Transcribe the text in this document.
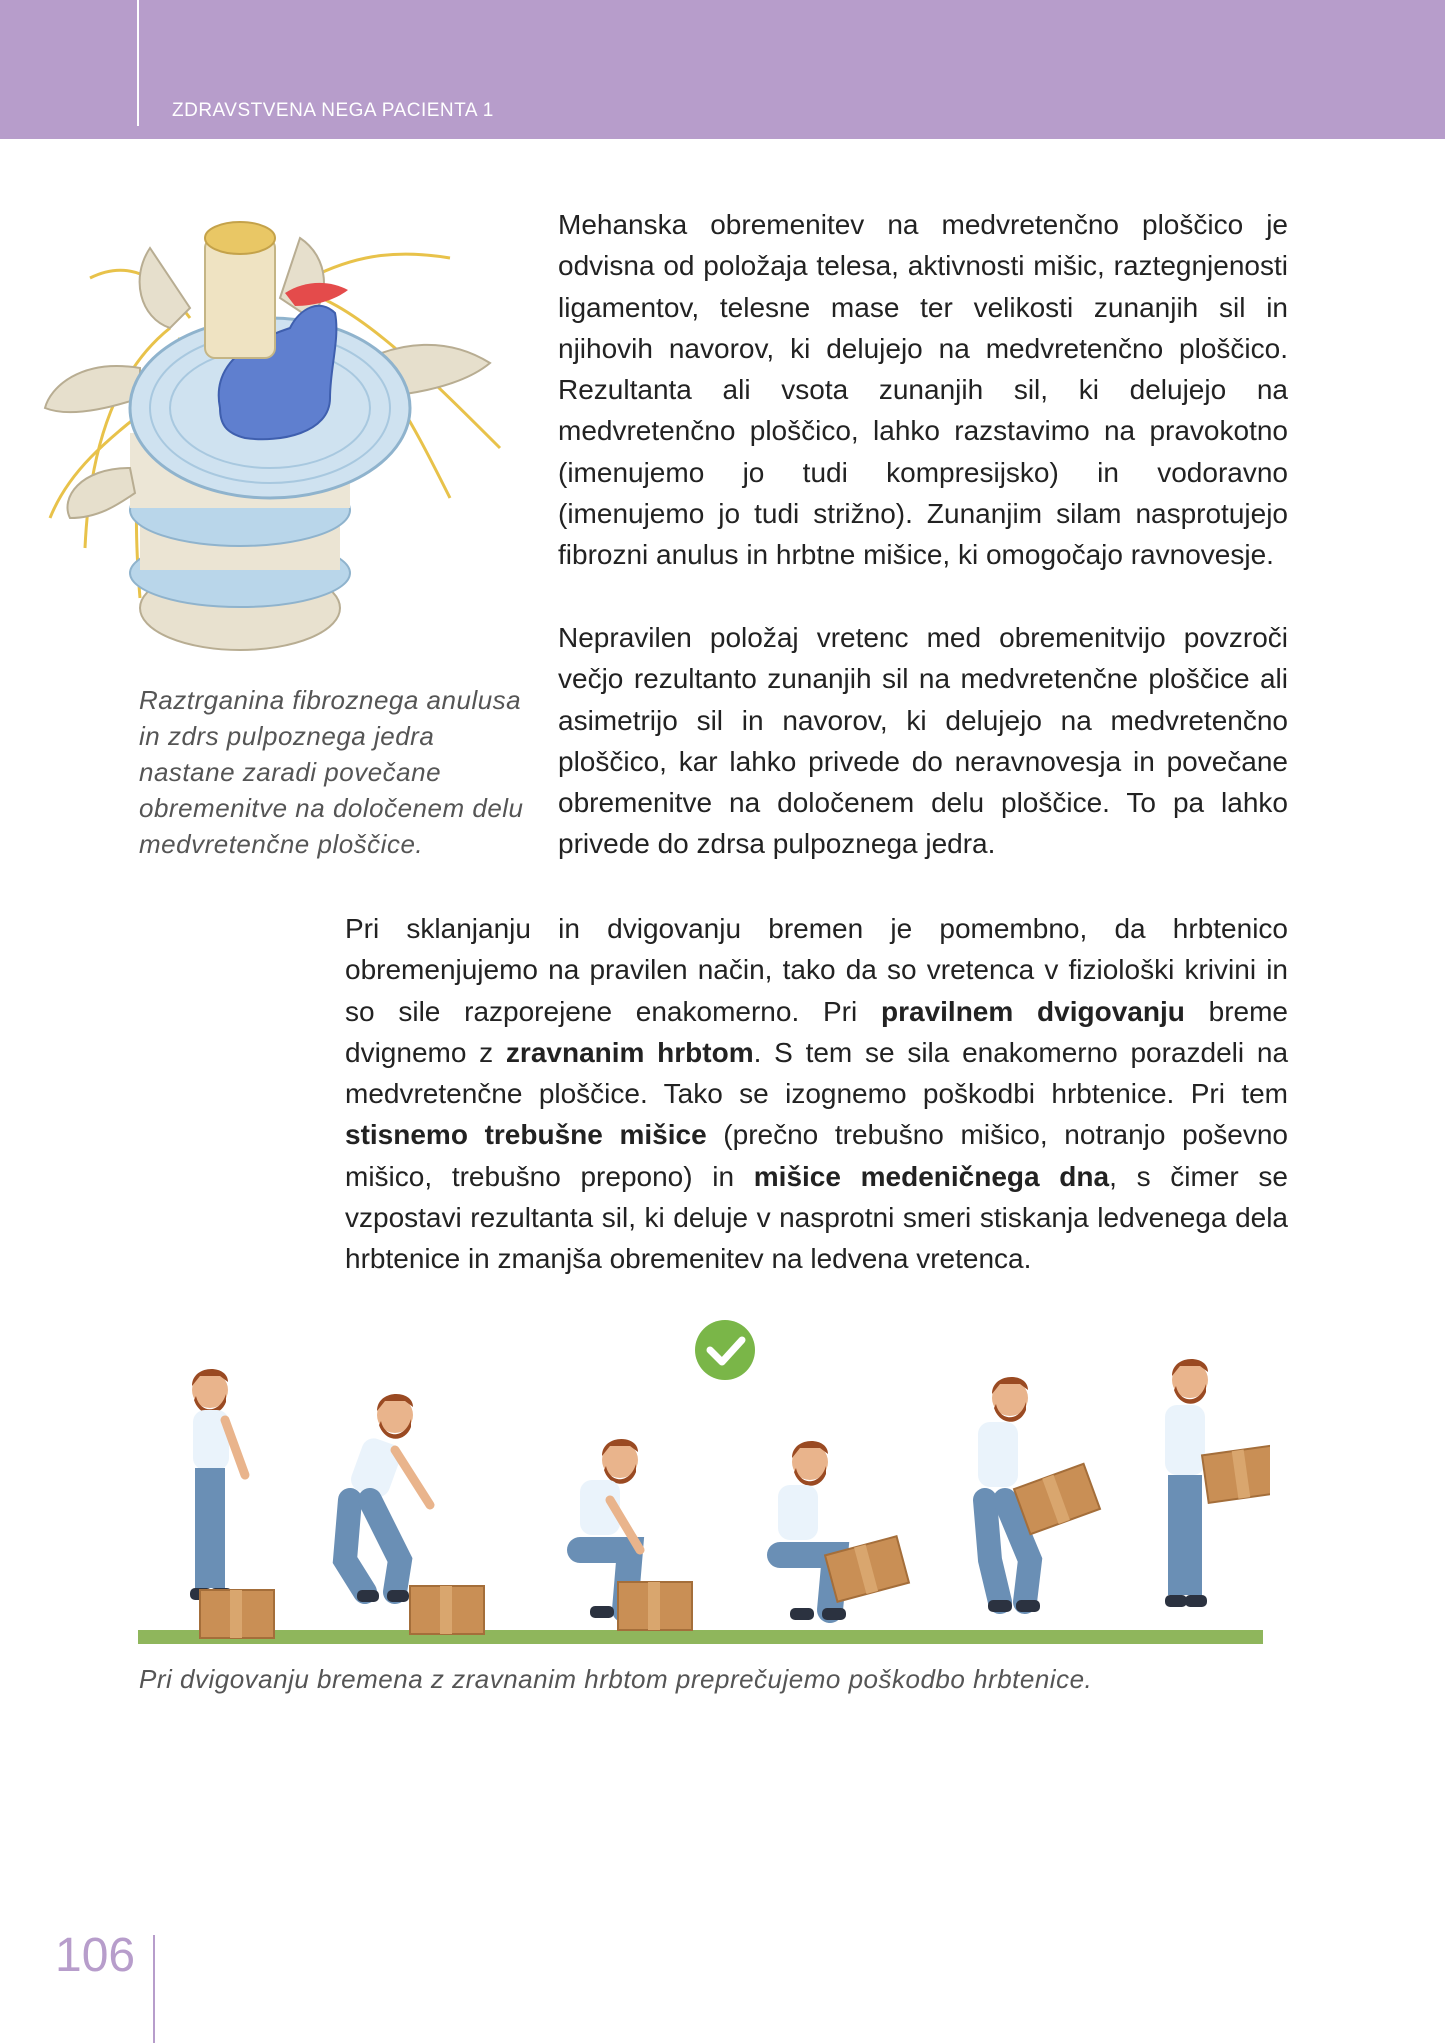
ZDRAVSTVENA NEGA PACIENTA 1
Raztrganina fibroznega anulusa in zdrs pulpoznega jedra nastane zaradi povečane obremenitve na določenem delu medvretenčne ploščice.

Mehanska obremenitev na medvretenčno ploščico je odvisna od položaja telesa, aktivnosti mišic, raztegnjenosti ligamentov, telesne mase ter velikosti zunanjih sil in njihovih navorov, ki delujejo na medvretenčno ploščico. Rezultanta ali vsota zunanjih sil, ki delujejo na medvretenčno ploščico, lahko razstavimo na pravokotno (imenujemo jo tudi kompresijsko) in vodoravno (imenujemo jo tudi strižno). Zunanjim silam nasprotujejo fibrozni anulus in hrbtne mišice, ki omogočajo ravnovesje.

Nepravilen položaj vretenc med obremenitvijo povzroči večjo rezultanto zunanjih sil na medvretenčne ploščice ali asimetrijo sil in navorov, ki delujejo na medvretenčno ploščico, kar lahko privede do neravnovesja in povečane obremenitve na določenem delu ploščice. To pa lahko privede do zdrsa pulpoznega jedra.

Pri sklanjanju in dvigovanju bremen je pomembno, da hrbtenico obremenjujemo na pravilen način, tako da so vretenca v fiziološki krivini in so sile razporejene enakomerno. Pri pravilnem dvigovanju breme dvignemo z zravnanim hrbtom. S tem se sila enakomerno porazdeli na medvretenčne ploščice. Tako se izognemo poškodbi hrbtenice. Pri tem stisnemo trebušne mišice (prečno trebušno mišico, notranjo poševno mišico, trebušno prepono) in mišice medeničnega dna, s čimer se vzpostavi rezultanta sil, ki deluje v nasprotni smeri stiskanja ledvenega dela hrbtenice in zmanjša obremenitev na ledvena vretenca.

Pri dvigovanju bremena z zravnanim hrbtom preprečujemo poškodbo hrbtenice.
106
